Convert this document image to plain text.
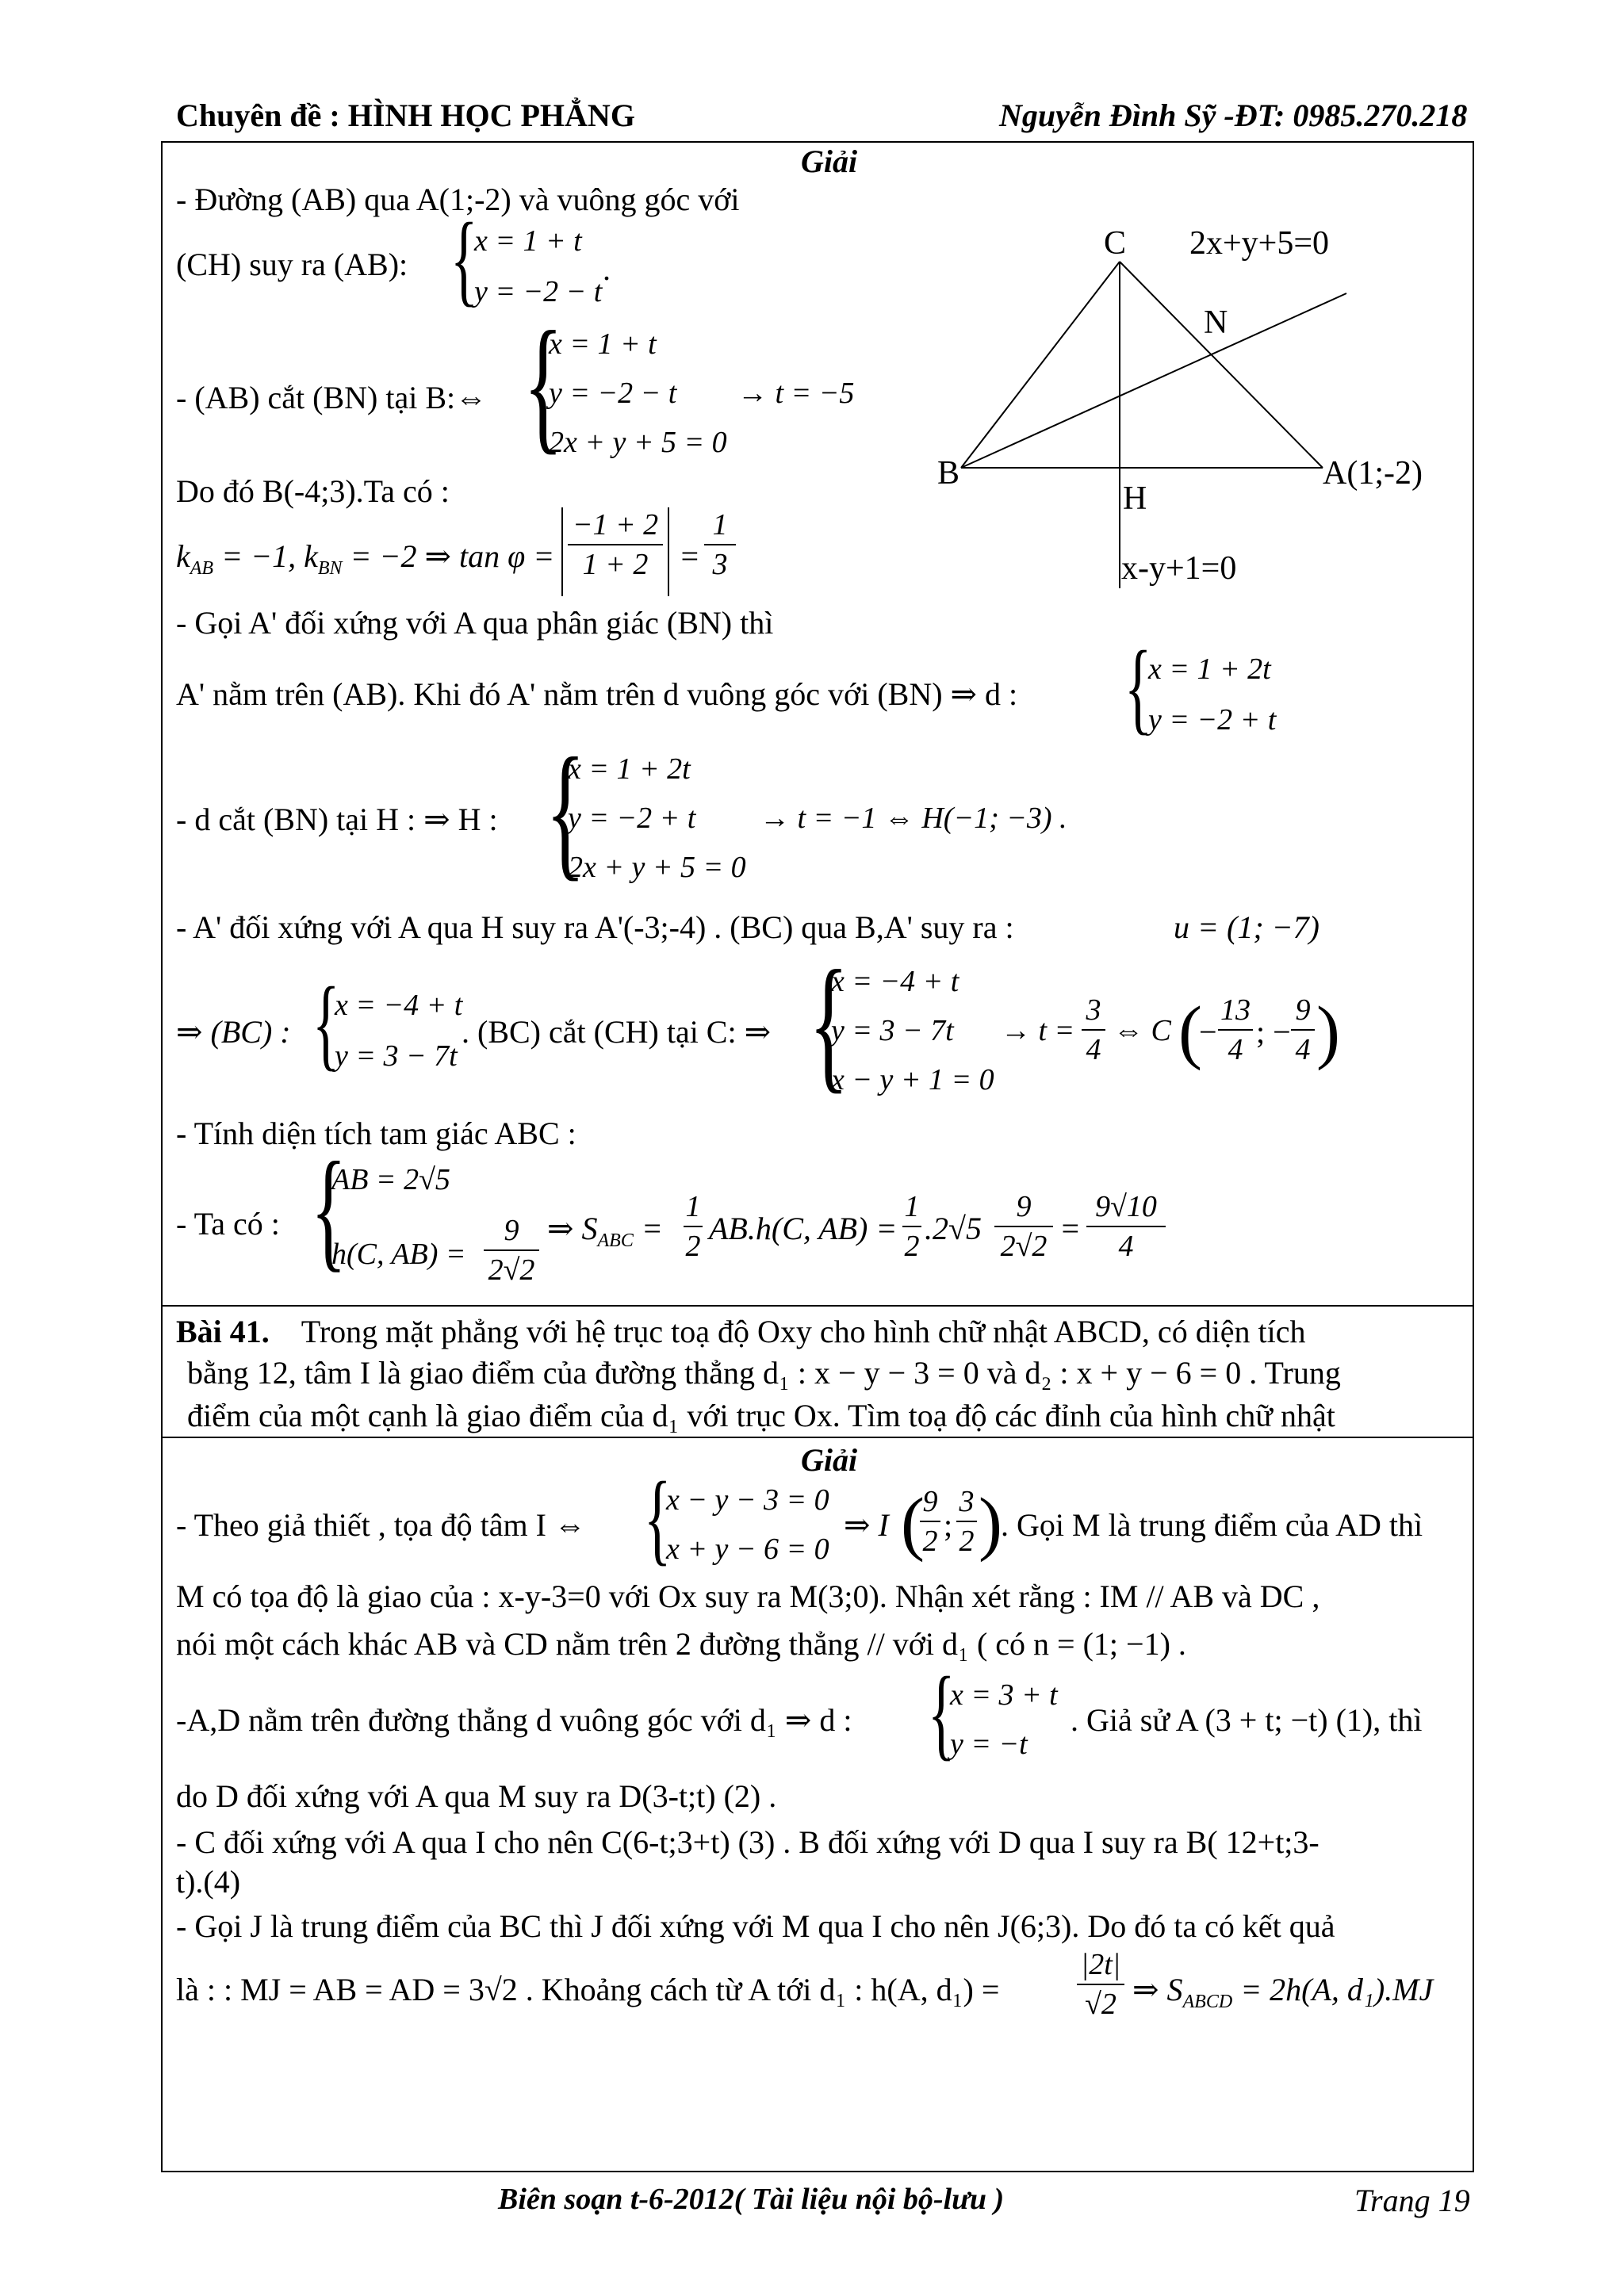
Chuyên đề : HÌNH HỌC PHẲNG	Nguyễn Đình Sỹ -ĐT: 0985.270.218
Giải
- Đường (AB) qua A(1;-2) và vuông góc với
(CH) suy ra (AB): {
x = 1 + t
y = −2 − t
.
- (AB) cắt (BN) tại B:⇔ {
x = 1 + t
y = −2 − t
2x + y + 5 = 0
→ t = −5
Do đó B(-4;3).Ta có :
$k_{AB} = -1$, $k_{BN} = -2$ ⇒ tan φ =
−1 + 2
1 + 2 =
1
3
- Gọi A' đối xứng với A qua phân giác (BN) thì
A' nằm trên (AB). Khi đó A' nằm trên d vuông góc với (BN) ⇒ d : {
x = 1 + 2t
y = −2 + t
- d cắt (BN) tại H : ⇒ H : {
x = 1 + 2t
y = −2 + t
2x + y + 5 = 0
→ t = −1 ⇔ H(−1; −3) .
- A' đối xứng với A qua H suy ra A'(-3;-4) . (BC) qua B,A' suy ra :	u = (1; −7)
⇒ (BC) : {
x = −4 + t
y = 3 − 7t
. (BC) cắt (CH) tại C: ⇒ {
x = −4 + t
y = 3 − 7t
x − y + 1 = 0
→ t =
3
4
⇔ C (
−
13
4 ; −
9
4 )
- Tính diện tích tam giác ABC :
- Ta có : {
AB = 2√5
h(C, AB) =
9
2√2
⇒ $S_{ABC}$ =
1
2 AB.h(C, AB) =
1
2 .2√5
9
2√2 =
9√10
4
C 2x+y+5=0
N
B	A(1;-2)
H
x-y+1=0
Bài 41. Trong mặt phẳng với hệ trục toạ độ Oxy cho hình chữ nhật ABCD, có diện tích
bằng 12, tâm I là giao điểm của đường thẳng d₁ : x − y − 3 = 0 và d₂ : x + y − 6 = 0 . Trung
điểm của một cạnh là giao điểm của d₁ với trục Ox. Tìm toạ độ các đỉnh của hình chữ nhật
Giải
- Theo giả thiết , tọa độ tâm I ⇔ {
x − y − 3 = 0
x + y − 6 = 0
⇒ I (
9
2 ;
3
2 )
. Gọi M là trung điểm của AD thì
M có tọa độ là giao của : x-y-3=0 với Ox suy ra M(3;0). Nhận xét rằng : IM // AB và DC ,
nói một cách khác AB và CD nằm trên 2 đường thẳng // với d₁ ( có n = (1; −1) .
-A,D nằm trên đường thẳng d vuông góc với d₁ ⇒ d : {
x = 3 + t
y = −t
. Giả sử A (3 + t; −t) (1), thì
do D đối xứng với A qua M suy ra D(3-t;t) (2) .
- C đối xứng với A qua I cho nên C(6-t;3+t) (3) . B đối xứng với D qua I suy ra B( 12+t;3-
t).(4)
- Gọi J là trung điểm của BC thì J đối xứng với M qua I cho nên J(6;3). Do đó ta có kết quả
là : : MJ = AB = AD = 3√2 . Khoảng cách từ A tới d₁ : h(A, d₁) =
|2t|
√2 ⇒ $S_{ABCD} = 2h(A$, d₁).MJ
Biên soạn t-6-2012( Tài liệu nội bộ-lưu )	Trang 19
